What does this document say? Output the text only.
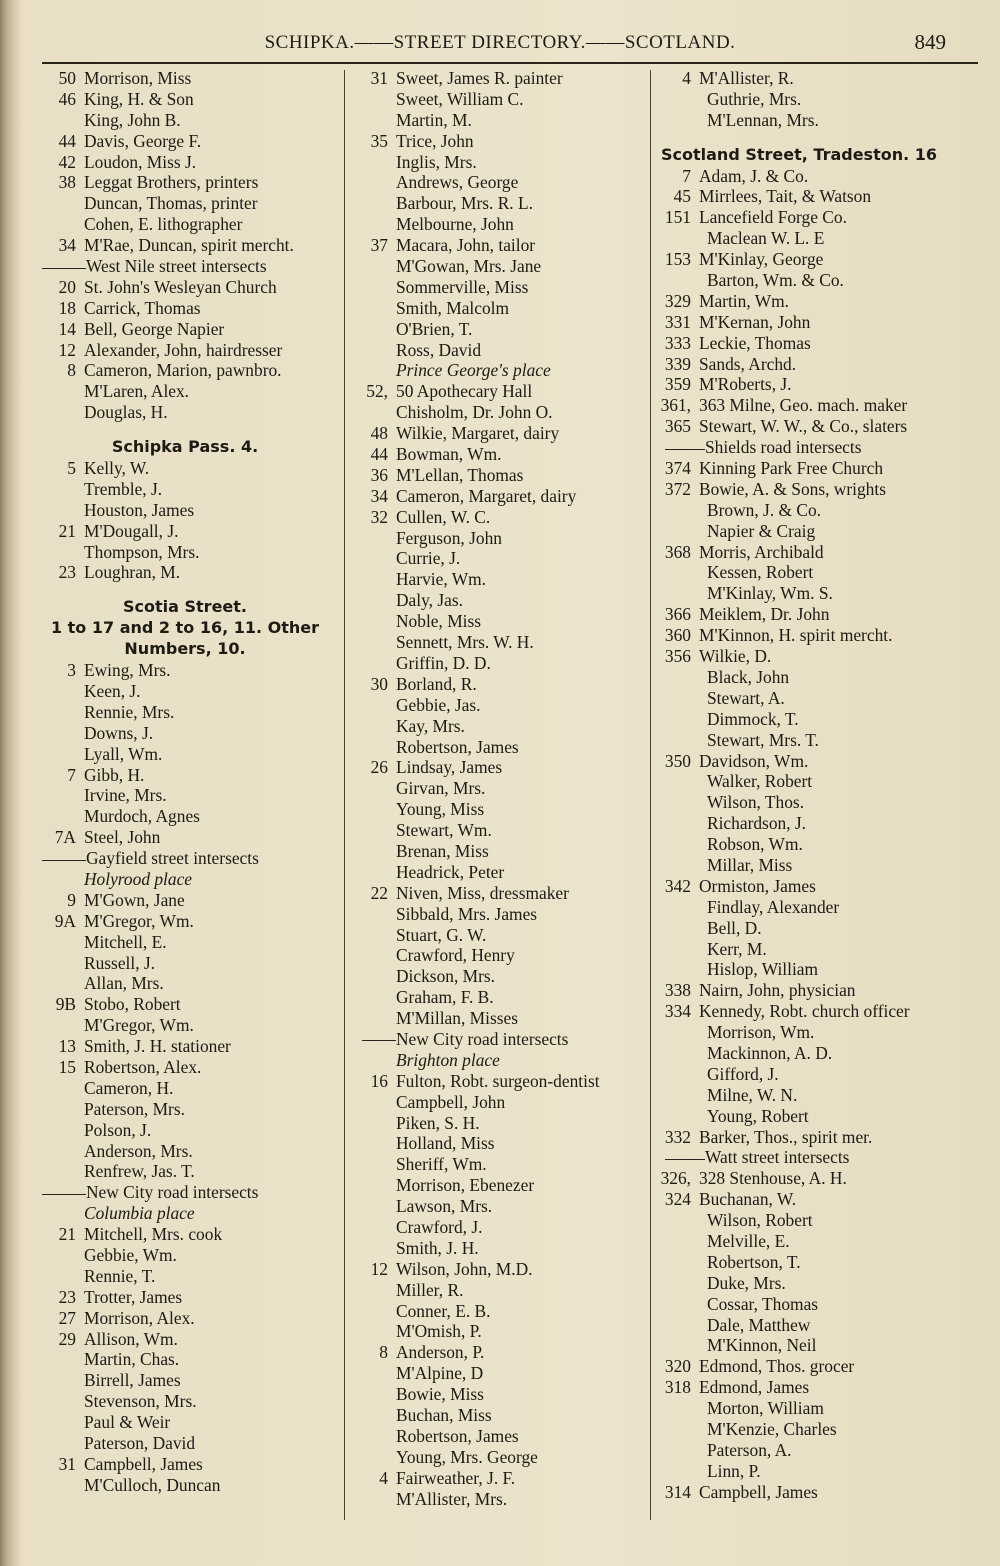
SCHIPKA.——STREET DIRECTORY.——SCOTLAND.	849
50 Morrison, Miss
46 King, H. & Son
King, John B.
44 Davis, George F.
42 Loudon, Miss J.
38 Leggat Brothers, printers
Duncan, Thomas, printer
Cohen, E. lithographer
34 M'Rae, Duncan, spirit mercht.
West Nile street intersects
20 St. John's Wesleyan Church
18 Carrick, Thomas
14 Bell, George Napier
12 Alexander, John, hairdresser
8 Cameron, Marion, pawnbro.
M'Laren, Alex.
Douglas, H.
Schipka Pass. 4.
5 Kelly, W.
Tremble, J.
Houston, James
21 M'Dougall, J.
Thompson, Mrs.
23 Loughran, M.
Scotia Street.
1 to 17 and 2 to 16, 11. Other
Numbers, 10.
3 Ewing, Mrs.
Keen, J.
Rennie, Mrs.
Downs, J.
Lyall, Wm.
7 Gibb, H.
Irvine, Mrs.
Murdoch, Agnes
7A Steel, John
Gayfield street intersects
Holyrood place
9 M'Gown, Jane
9A M'Gregor, Wm.
Mitchell, E.
Russell, J.
Allan, Mrs.
9B Stobo, Robert
M'Gregor, Wm.
13 Smith, J. H. stationer
15 Robertson, Alex.
Cameron, H.
Paterson, Mrs.
Polson, J.
Anderson, Mrs.
Renfrew, Jas. T.
New City road intersects
Columbia place
21 Mitchell, Mrs. cook
Gebbie, Wm.
Rennie, T.
23 Trotter, James
27 Morrison, Alex.
29 Allison, Wm.
Martin, Chas.
Birrell, James
Stevenson, Mrs.
Paul & Weir
Paterson, David
31 Campbell, James
M'Culloch, Duncan
31 Sweet, James R. painter
Sweet, William C.
Martin, M.
35 Trice, John
Inglis, Mrs.
Andrews, George
Barbour, Mrs. R. L.
Melbourne, John
37 Macara, John, tailor
M'Gowan, Mrs. Jane
Sommerville, Miss
Smith, Malcolm
O'Brien, T.
Ross, David
Prince George's place
52, 50 Apothecary Hall
Chisholm, Dr. John O.
48 Wilkie, Margaret, dairy
44 Bowman, Wm.
36 M'Lellan, Thomas
34 Cameron, Margaret, dairy
32 Cullen, W. C.
Ferguson, John
Currie, J.
Harvie, Wm.
Daly, Jas.
Noble, Miss
Sennett, Mrs. W. H.
Griffin, D. D.
30 Borland, R.
Gebbie, Jas.
Kay, Mrs.
Robertson, James
26 Lindsay, James
Girvan, Mrs.
Young, Miss
Stewart, Wm.
Brenan, Miss
Headrick, Peter
22 Niven, Miss, dressmaker
Sibbald, Mrs. James
Stuart, G. W.
Crawford, Henry
Dickson, Mrs.
Graham, F. B.
M'Millan, Misses
New City road intersects
Brighton place
16 Fulton, Robt. surgeon-dentist
Campbell, John
Piken, S. H.
Holland, Miss
Sheriff, Wm.
Morrison, Ebenezer
Lawson, Mrs.
Crawford, J.
Smith, J. H.
12 Wilson, John, M.D.
Miller, R.
Conner, E. B.
M'Omish, P.
8 Anderson, P.
M'Alpine, D
Bowie, Miss
Buchan, Miss
Robertson, James
Young, Mrs. George
4 Fairweather, J. F.
M'Allister, Mrs.
4 M'Allister, R.
Guthrie, Mrs.
M'Lennan, Mrs.
Scotland Street, Tradeston. 16
7 Adam, J. & Co.
45 Mirrlees, Tait, & Watson
151 Lancefield Forge Co.
Maclean W. L. E
153 M'Kinlay, George
Barton, Wm. & Co.
329 Martin, Wm.
331 M'Kernan, John
333 Leckie, Thomas
339 Sands, Archd.
359 M'Roberts, J.
361, 363 Milne, Geo. mach. maker
365 Stewart, W. W., & Co., slaters
Shields road intersects
374 Kinning Park Free Church
372 Bowie, A. & Sons, wrights
Brown, J. & Co.
Napier & Craig
368 Morris, Archibald
Kessen, Robert
M'Kinlay, Wm. S.
366 Meiklem, Dr. John
360 M'Kinnon, H. spirit mercht.
356 Wilkie, D.
Black, John
Stewart, A.
Dimmock, T.
Stewart, Mrs. T.
350 Davidson, Wm.
Walker, Robert
Wilson, Thos.
Richardson, J.
Robson, Wm.
Millar, Miss
342 Ormiston, James
Findlay, Alexander
Bell, D.
Kerr, M.
Hislop, William
338 Nairn, John, physician
334 Kennedy, Robt. church officer
Morrison, Wm.
Mackinnon, A. D.
Gifford, J.
Milne, W. N.
Young, Robert
332 Barker, Thos., spirit mer.
Watt street intersects
326, 328 Stenhouse, A. H.
324 Buchanan, W.
Wilson, Robert
Melville, E.
Robertson, T.
Duke, Mrs.
Cossar, Thomas
Dale, Matthew
M'Kinnon, Neil
320 Edmond, Thos. grocer
318 Edmond, James
Morton, William
M'Kenzie, Charles
Paterson, A.
Linn, P.
314 Campbell, James
